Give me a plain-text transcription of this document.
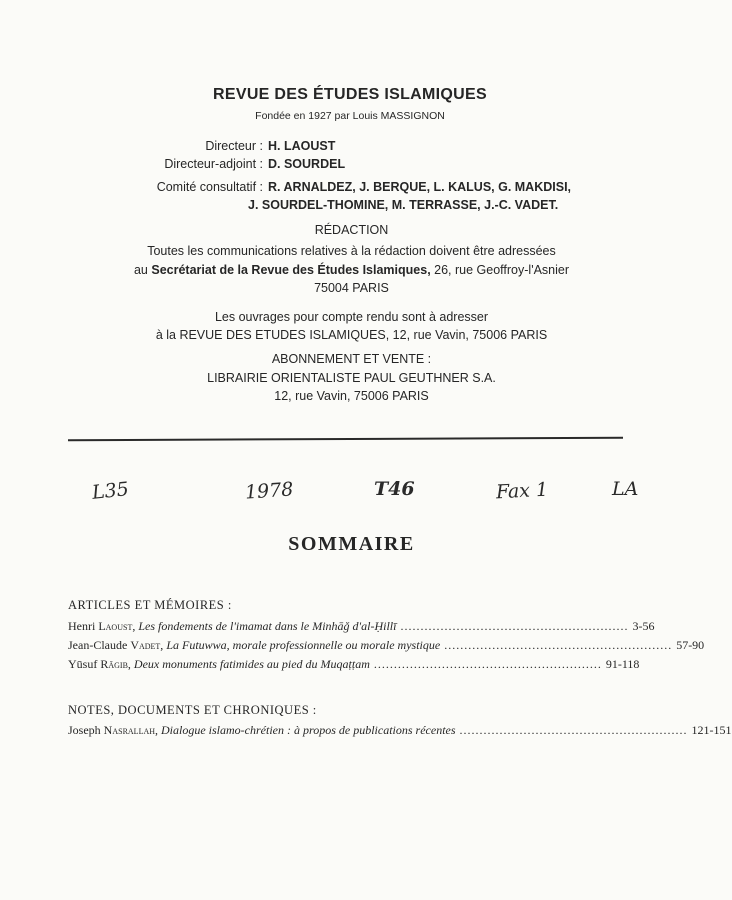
REVUE DES ÉTUDES ISLAMIQUES
Fondée en 1927 par Louis MASSIGNON
Directeur : H. LAOUST
Directeur-adjoint : D. SOURDEL
Comité consultatif : R. ARNALDEZ, J. BERQUE, L. KALUS, G. MAKDISI,
J. SOURDEL-THOMINE, M. TERRASSE, J.-C. VADET.
RÉDACTION
Toutes les communications relatives à la rédaction doivent être adressées
au Secrétariat de la Revue des Études Islamiques, 26, rue Geoffroy-l'Asnier
75004 PARIS
Les ouvrages pour compte rendu sont à adresser
à la REVUE DES ETUDES ISLAMIQUES, 12, rue Vavin, 75006 PARIS
ABONNEMENT ET VENTE :
LIBRAIRIE ORIENTALISTE PAUL GEUTHNER S.A.
12, rue Vavin, 75006 PARIS
L35	1978	T46	Fax 1	LA
SOMMAIRE
ARTICLES ET MÉMOIRES :
Henri Laoust, Les fondements de l'imamat dans le Minhāǧ d'al-Ḥillī ......................................................... 3-56
Jean-Claude Vadet, La Futuwwa, morale professionnelle ou morale mystique ......................................................... 57-90
Yūsuf Rāgib, Deux monuments fatimides au pied du Muqaṭṭam ......................................................... 91-118
NOTES, DOCUMENTS ET CHRONIQUES :
Joseph Nasrallah, Dialogue islamo-chrétien : à propos de publications récentes ......................................................... 121-151
